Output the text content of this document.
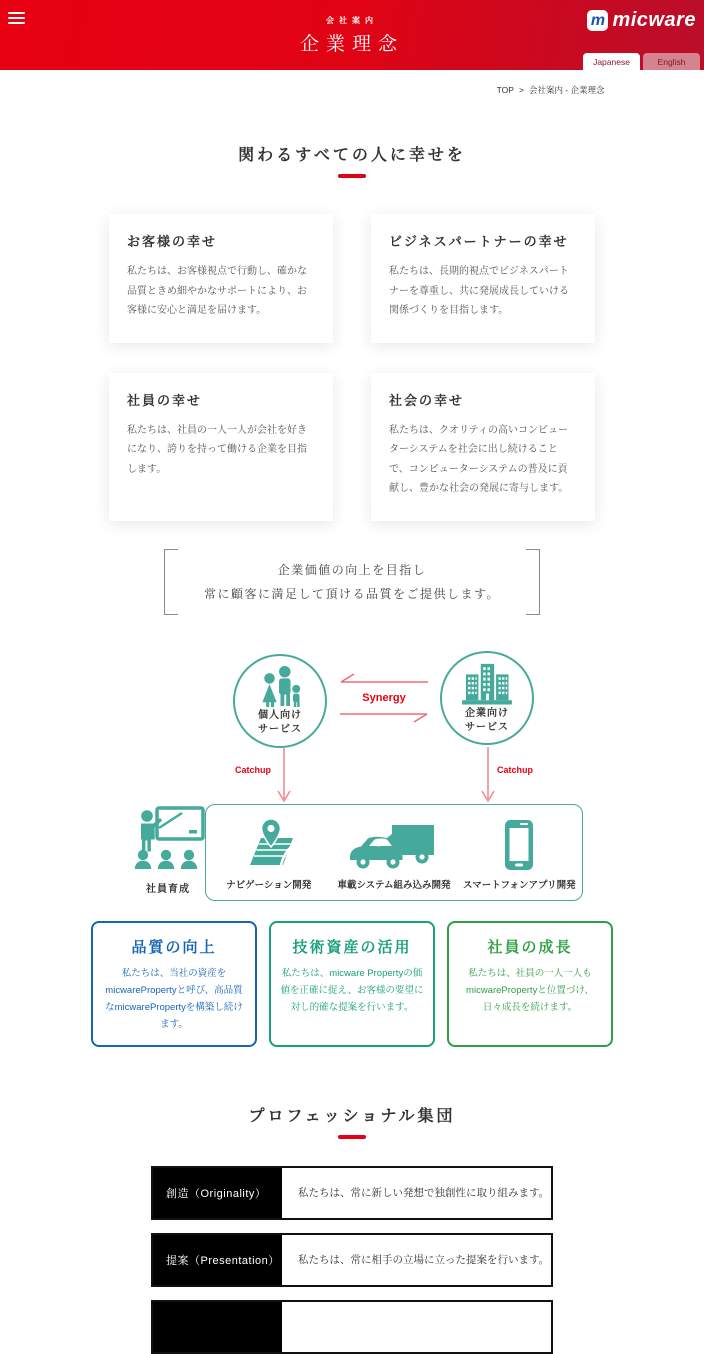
会社案内
企業理念
m micware
Japanese	English
TOP > 会社案内 - 企業理念
関わるすべての人に幸せを
お客様の幸せ

私たちは、お客様視点で行動し、確かな品質ときめ細やかなサポートにより、お客様に安心と満足を届けます。

ビジネスパートナーの幸せ

私たちは、長期的視点でビジネスパートナーを尊重し、共に発展成長していける関係づくりを目指します。

社員の幸せ

私たちは、社員の一人一人が会社を好きになり、誇りを持って働ける企業を目指します。

社会の幸せ

私たちは、クオリティの高いコンピューターシステムを社会に出し続けることで、コンピューターシステムの普及に貢献し、豊かな社会の発展に寄与します。

企業価値の向上を目指し
常に顧客に満足して頂ける品質をご提供します。
個人向け
サービス
企業向け
サービス
Synergy
Catchup	Catchup
社員育成	ナビゲーション開発	車載システム組み込み開発 スマートフォンアプリ開発
品質の向上

私たちは、当社の資産をmicwarePropertyと呼び、高品質なmicwarePropertyを構築し続けます。

技術資産の活用

私たちは、micware Propertyの価値を正確に捉え、お客様の要望に対し的確な提案を行います。

社員の成長

私たちは、社員の一人一人もmicwarePropertyと位置づけ、日々成長を続けます。

プロフェッショナル集団
創造（Originality）	私たちは、常に新しい発想で独創性に取り組みます。
提案（Presentation）	私たちは、常に相手の立場に立った提案を行います。
